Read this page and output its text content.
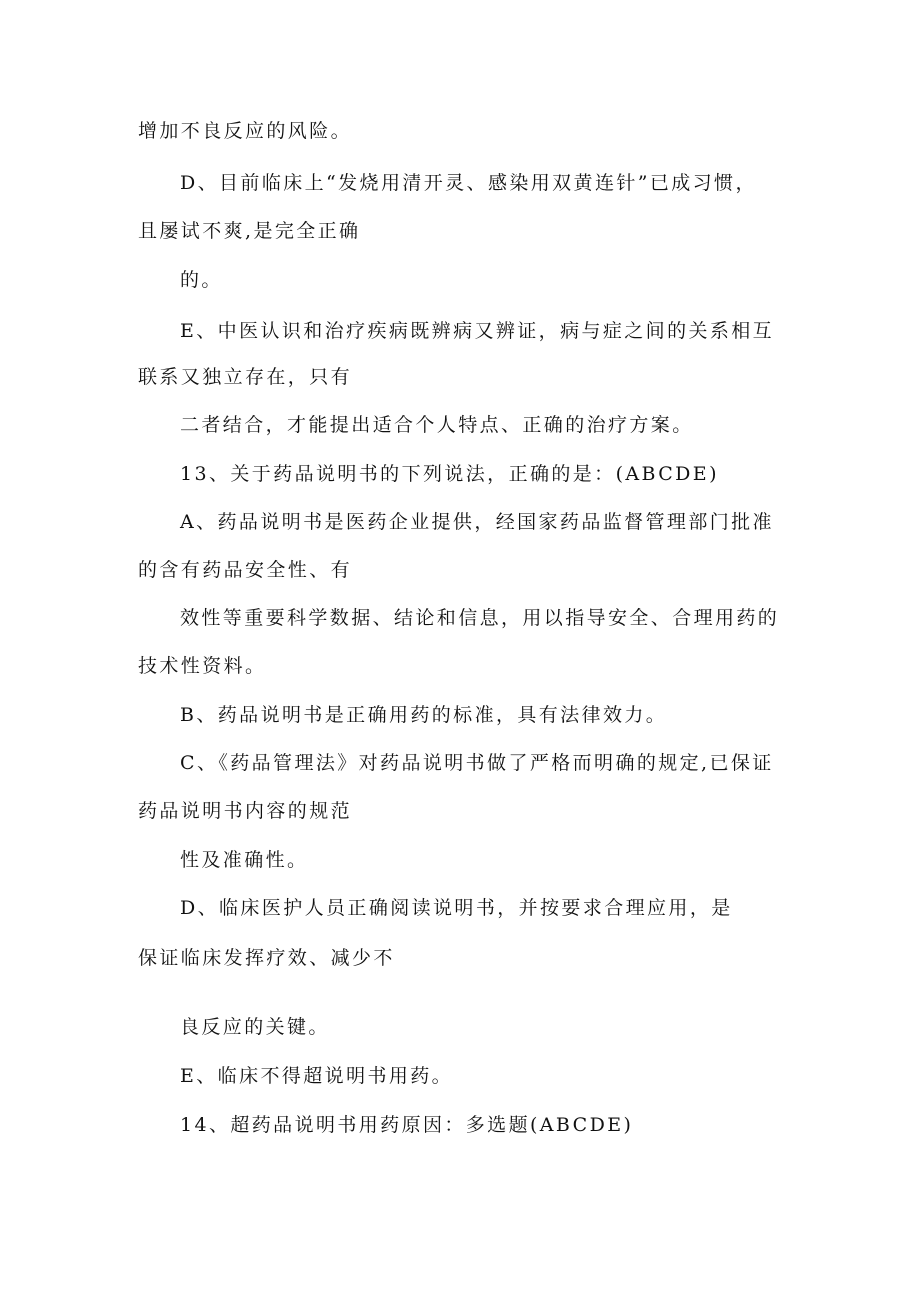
增加不良反应的风险。
D、目前临床上“发烧用清开灵、感染用双黄连针”已成习惯，
且屡试不爽,是完全正确
的。
E、中医认识和治疗疾病既辨病又辨证，病与症之间的关系相互
联系又独立存在，只有
二者结合，才能提出适合个人特点、正确的治疗方案。
13、关于药品说明书的下列说法，正确的是：(ABCDE)
A、药品说明书是医药企业提供，经国家药品监督管理部门批准
的含有药品安全性、有
效性等重要科学数据、结论和信息，用以指导安全、合理用药的
技术性资料。
B、药品说明书是正确用药的标准，具有法律效力。
C、《药品管理法》对药品说明书做了严格而明确的规定,已保证
药品说明书内容的规范
性及准确性。
D、临床医护人员正确阅读说明书，并按要求合理应用，是
保证临床发挥疗效、减少不
良反应的关键。
E、临床不得超说明书用药。
14、超药品说明书用药原因：多选题(ABCDE)
